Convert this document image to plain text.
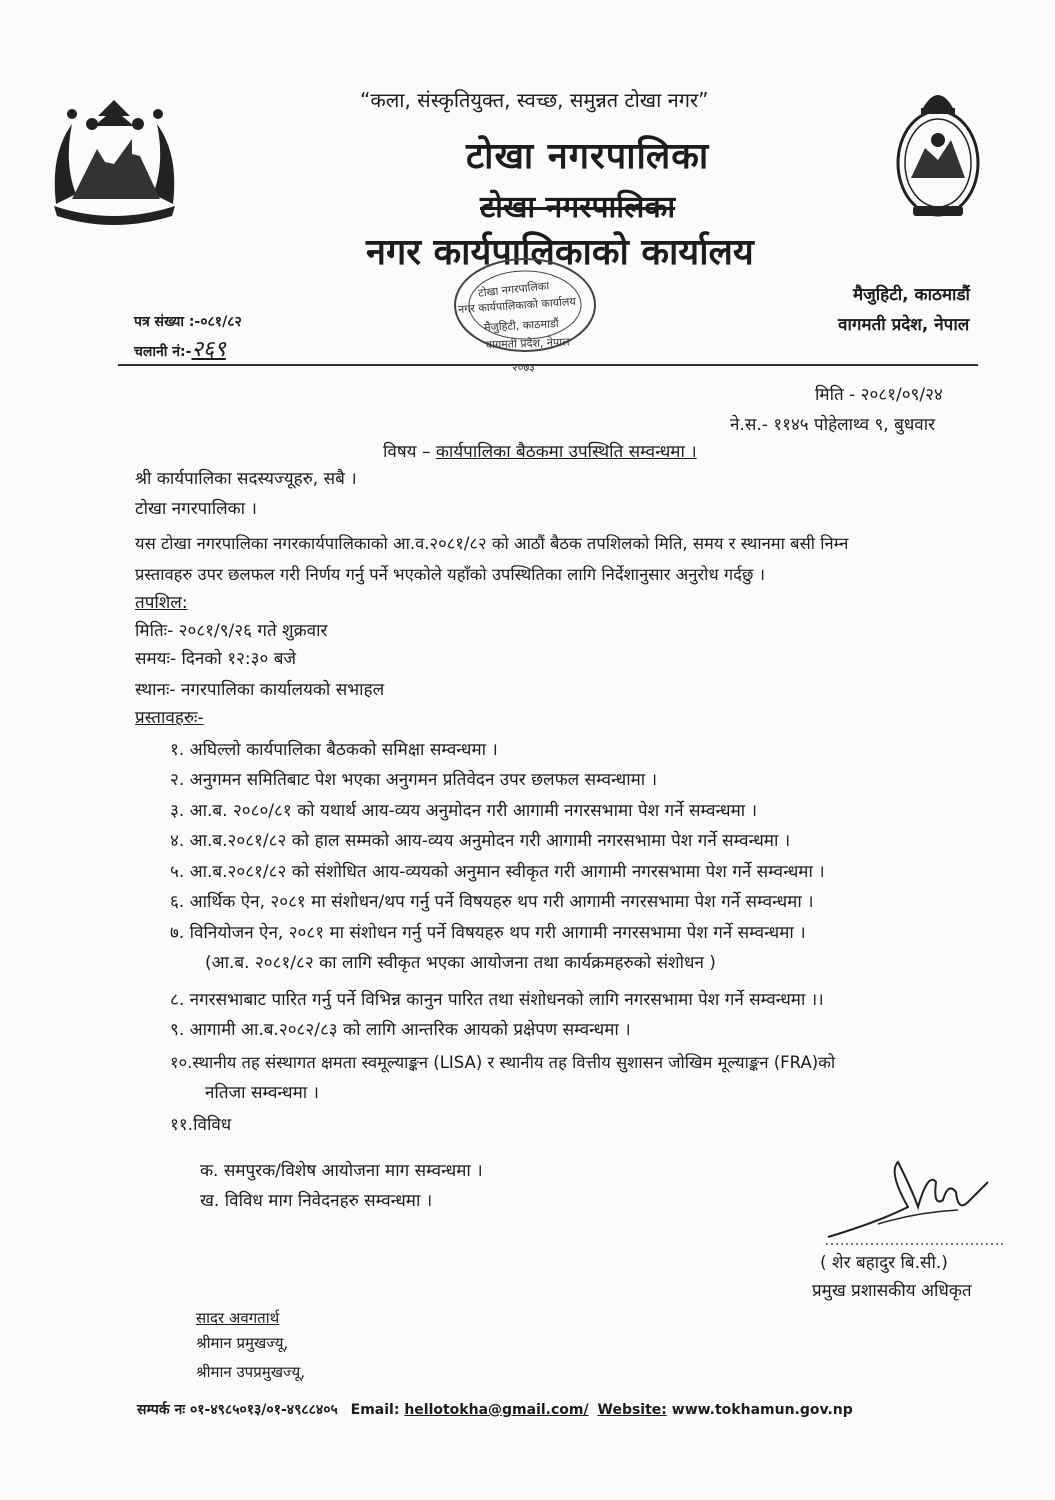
“कला, संस्कृतियुक्त, स्वच्छ, समुन्नत टोखा नगर”
टोखा नगरपालिका
टोखा नगरपालिका
नगर कार्यपालिकाको कार्यालय
टोखा नगरपालिका
नगर कार्यपालिकाको कार्यालय
मैजुहिटी, काठमाडौं
वागमती प्रदेश, नेपाल
२०७३
मैजुहिटी, काठमाडौं
वागमती प्रदेश, नेपाल
पत्र संख्या :-०८१/८२
चलानी नं:-२६९
मिति - २०८१/०९/२४
ने.स.- ११४५ पोहेलाथ्व ९, बुधवार
विषय – कार्यपालिका बैठकमा उपस्थिति सम्वन्धमा ।
श्री कार्यपालिका सदस्यज्यूहरु, सबै ।
टोखा नगरपालिका ।
यस टोखा नगरपालिका नगरकार्यपालिकाको आ.व.२०८१/८२ को आठौं बैठक तपशिलको मिति, समय र स्थानमा बसी निम्न
प्रस्तावहरु उपर छलफल गरी निर्णय गर्नु पर्ने भएकोले यहाँको उपस्थितिका लागि निर्देशानुसार अनुरोध गर्दछु ।
तपशिल:
मितिः- २०८१/९/२६ गते शुक्रवार
समयः- दिनको १२:३० बजे
स्थानः- नगरपालिका कार्यालयको सभाहल
प्रस्तावहरुः-
१. अघिल्लो कार्यपालिका बैठकको समिक्षा सम्वन्धमा ।
२. अनुगमन समितिबाट पेश भएका अनुगमन प्रतिवेदन उपर छलफल सम्वन्धामा ।
३. आ.ब. २०८०/८१ को यथार्थ आय-व्यय अनुमोदन गरी आगामी नगरसभामा पेश गर्ने सम्वन्धमा ।
४. आ.ब.२०८१/८२ को हाल सम्मको आय-व्यय अनुमोदन गरी आगामी नगरसभामा पेश गर्ने सम्वन्धमा ।
५. आ.ब.२०८१/८२ को संशोधित आय-व्ययको अनुमान स्वीकृत गरी आगामी नगरसभामा पेश गर्ने सम्वन्धमा ।
६. आर्थिक ऐन, २०८१ मा संशोधन/थप गर्नु पर्ने विषयहरु थप गरी आगामी नगरसभामा पेश गर्ने सम्वन्धमा ।
७. विनियोजन ऐन, २०८१ मा संशोधन गर्नु पर्ने विषयहरु थप गरी आगामी नगरसभामा पेश गर्ने सम्वन्धमा ।
(आ.ब. २०८१/८२ का लागि स्वीकृत भएका आयोजना तथा कार्यक्रमहरुको संशोधन )
८. नगरसभाबाट पारित गर्नु पर्ने विभिन्न कानुन पारित तथा संशोधनको लागि नगरसभामा पेश गर्ने सम्वन्धमा ।।
९. आगामी आ.ब.२०८२/८३ को लागि आन्तरिक आयको प्रक्षेपण सम्वन्धमा ।
१०.स्थानीय तह संस्थागत क्षमता स्वमूल्याङ्कन (LISA) र स्थानीय तह वित्तीय सुशासन जोखिम मूल्याङ्कन (FRA)को
नतिजा सम्वन्धमा ।
११.विविध
क. समपुरक/विशेष आयोजना माग सम्वन्धमा ।
ख. विविध माग निवेदनहरु सम्वन्धमा ।
( शेर बहादुर बि.सी.)
प्रमुख प्रशासकीय अधिकृत
सादर अवगतार्थ
श्रीमान प्रमुखज्यू,
श्रीमान उपप्रमुखज्यू,
सम्पर्क नः ०१-४९८५०१३/०१-४९८८४०५ Email: hellotokha@gmail.com/ Website: www.tokhamun.gov.np
